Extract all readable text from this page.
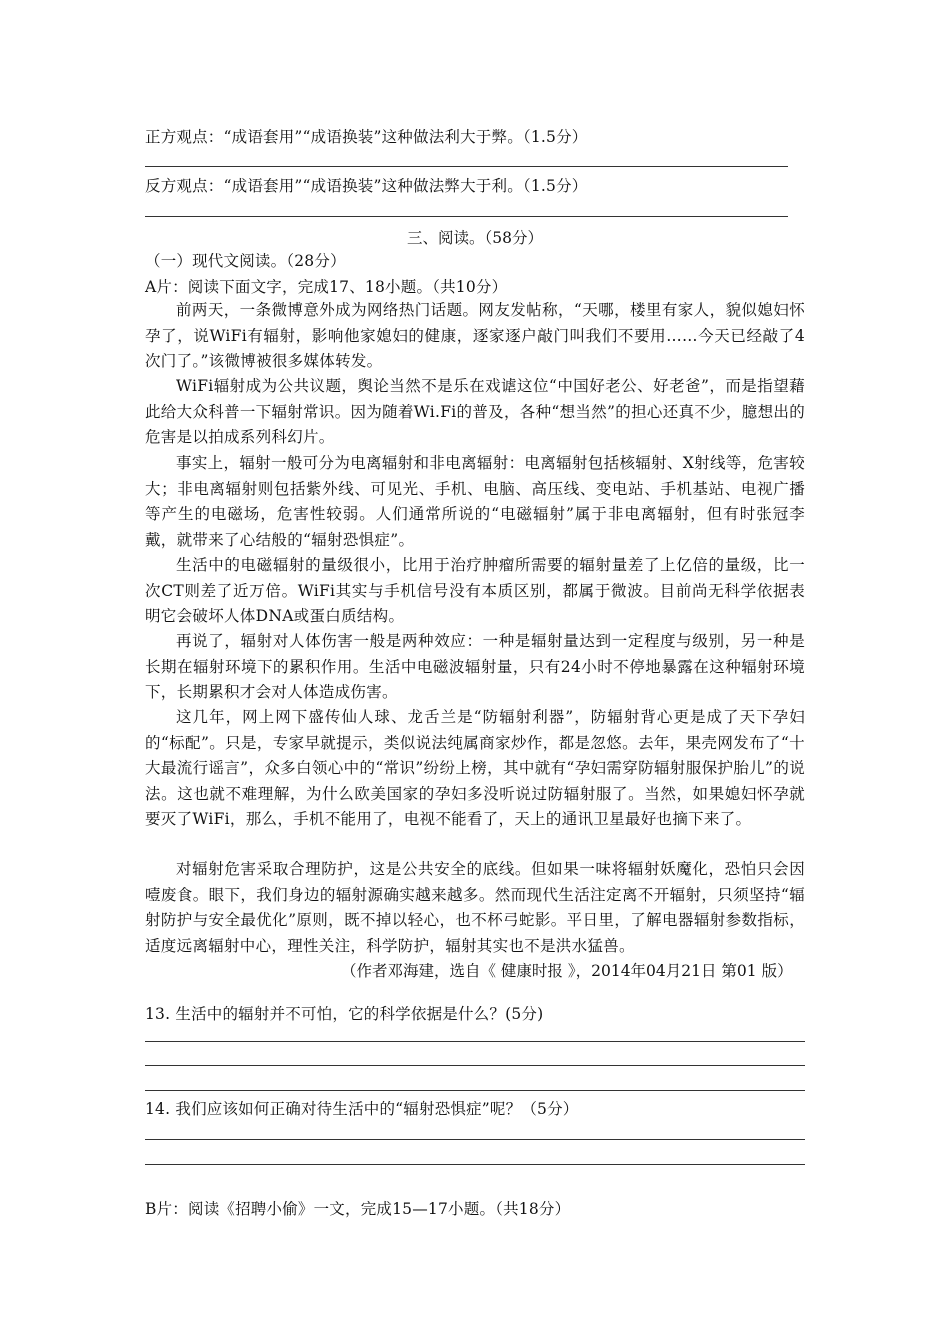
正方观点：“成语套用”“成语换装”这种做法利大于弊。（1.5分）
反方观点：“成语套用”“成语换装”这种做法弊大于利。（1.5分）
三、阅读。（58分）
（一）现代文阅读。（28分）
A片：阅读下面文字，完成17、18小题。（共10分）

前两天，一条微博意外成为网络热门话题。网友发帖称，“天哪，楼里有家人，貌似媳妇怀孕了，说WiFi有辐射，影响他家媳妇的健康，逐家逐户敲门叫我们不要用……今天已经敲了4次门了。”该微博被很多媒体转发。

WiFi辐射成为公共议题，舆论当然不是乐在戏谑这位“中国好老公、好老爸”，而是指望藉此给大众科普一下辐射常识。因为随着Wi.Fi的普及，各种“想当然”的担心还真不少，臆想出的危害是以拍成系列科幻片。

事实上，辐射一般可分为电离辐射和非电离辐射：电离辐射包括核辐射、X射线等，危害较大；非电离辐射则包括紫外线、可见光、手机、电脑、高压线、变电站、手机基站、电视广播等产生的电磁场，危害性较弱。人们通常所说的“电磁辐射”属于非电离辐射，但有时张冠李戴，就带来了心结般的“辐射恐惧症”。

生活中的电磁辐射的量级很小，比用于治疗肿瘤所需要的辐射量差了上亿倍的量级，比一次CT则差了近万倍。WiFi其实与手机信号没有本质区别，都属于微波。目前尚无科学依据表明它会破坏人体DNA或蛋白质结构。

再说了，辐射对人体伤害一般是两种效应：一种是辐射量达到一定程度与级别，另一种是长期在辐射环境下的累积作用。生活中电磁波辐射量，只有24小时不停地暴露在这种辐射环境下，长期累积才会对人体造成伤害。

这几年，网上网下盛传仙人球、龙舌兰是“防辐射利器”，防辐射背心更是成了天下孕妇的“标配”。只是，专家早就提示，类似说法纯属商家炒作，都是忽悠。去年，果壳网发布了“十大最流行谣言”，众多白领心中的“常识”纷纷上榜，其中就有“孕妇需穿防辐射服保护胎儿”的说法。这也就不难理解，为什么欧美国家的孕妇多没听说过防辐射服了。当然，如果媳妇怀孕就要灭了WiFi，那么，手机不能用了，电视不能看了，天上的通讯卫星最好也摘下来了。

对辐射危害采取合理防护，这是公共安全的底线。但如果一味将辐射妖魔化，恐怕只会因噎废食。眼下，我们身边的辐射源确实越来越多。然而现代生活注定离不开辐射，只须坚持“辐射防护与安全最优化”原则，既不掉以轻心，也不杯弓蛇影。平日里，了解电器辐射参数指标，适度远离辐射中心，理性关注，科学防护，辐射其实也不是洪水猛兽。

（作者邓海建，选自《 健康时报 》，2014年04月21日 第01 版）

13. 生活中的辐射并不可怕，它的科学依据是什么？(5分)
14. 我们应该如何正确对待生活中的“辐射恐惧症”呢？（5分）
B片：阅读《招聘小偷》一文，完成15—17小题。（共18分）
